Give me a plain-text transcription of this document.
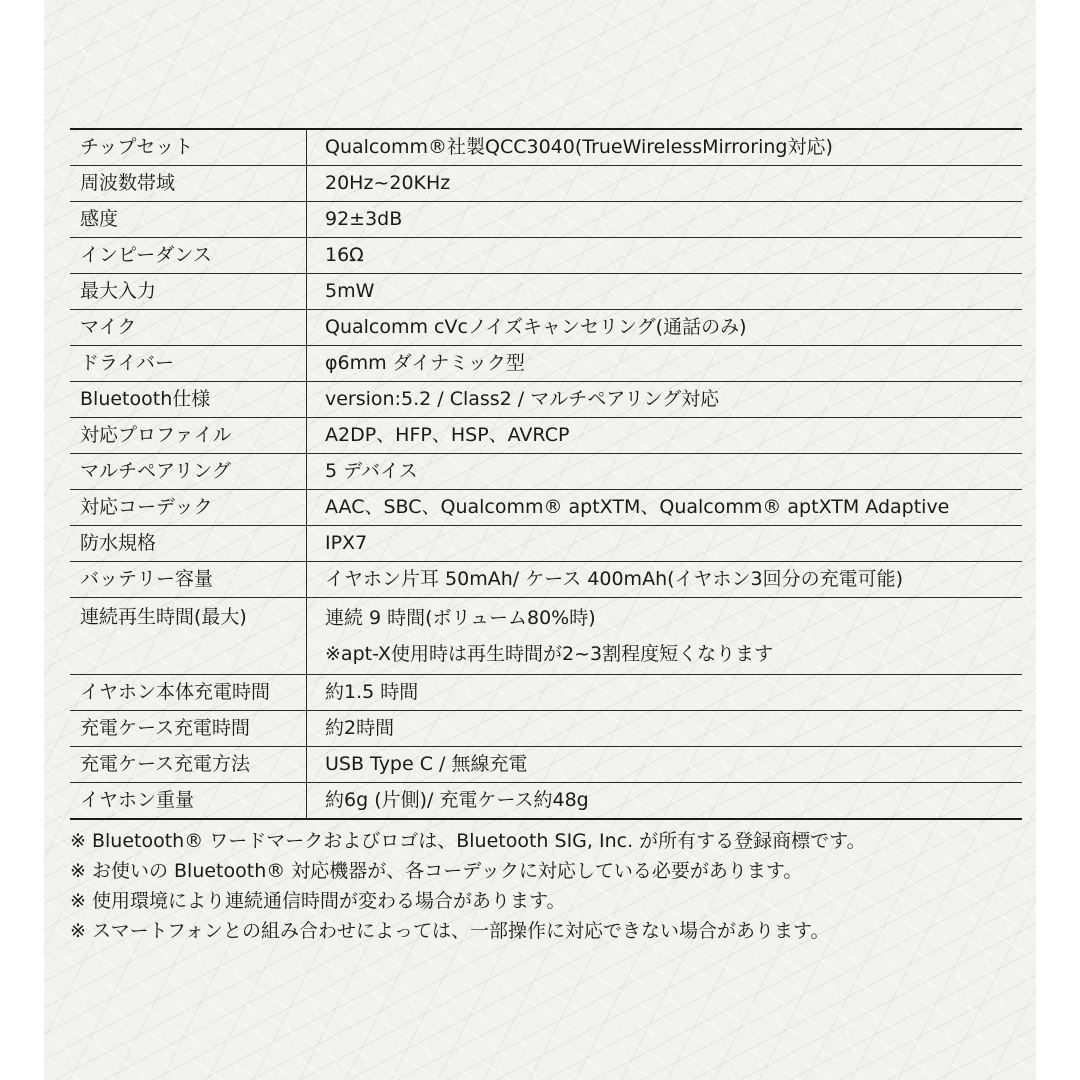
チップセット	Qualcomm®社製QCC3040(TrueWirelessMirroring対応)
周波数帯域	20Hz~20KHz
感度	92±3dB
インピーダンス	16Ω
最大入力	5mW
マイク	Qualcomm cVcノイズキャンセリング(通話のみ)
ドライバー	φ6mm ダイナミック型
Bluetooth仕様	version:5.2 / Class2 / マルチペアリング対応
対応プロファイル	A2DP、HFP、HSP、AVRCP
マルチペアリング	5 デバイス
対応コーデック	AAC、SBC、Qualcomm® aptXTM、Qualcomm® aptXTM Adaptive
防水規格	IPX7
バッテリー容量	イヤホン片耳 50mAh/ ケース 400mAh(イヤホン3回分の充電可能)
連続再生時間(最大)	連続 9 時間(ボリューム80%時)
※apt-X使用時は再生時間が2~3割程度短くなります

イヤホン本体充電時間	約1.5 時間
充電ケース充電時間	約2時間
充電ケース充電方法	USB Type C / 無線充電
イヤホン重量	約6g (片側)/ 充電ケース約48g
※ Bluetooth® ワードマークおよびロゴは、Bluetooth SIG, Inc. が所有する登録商標です。
※ お使いの Bluetooth® 対応機器が、各コーデックに対応している必要があります。
※ 使用環境により連続通信時間が変わる場合があります。
※ スマートフォンとの組み合わせによっては、一部操作に対応できない場合があります。
